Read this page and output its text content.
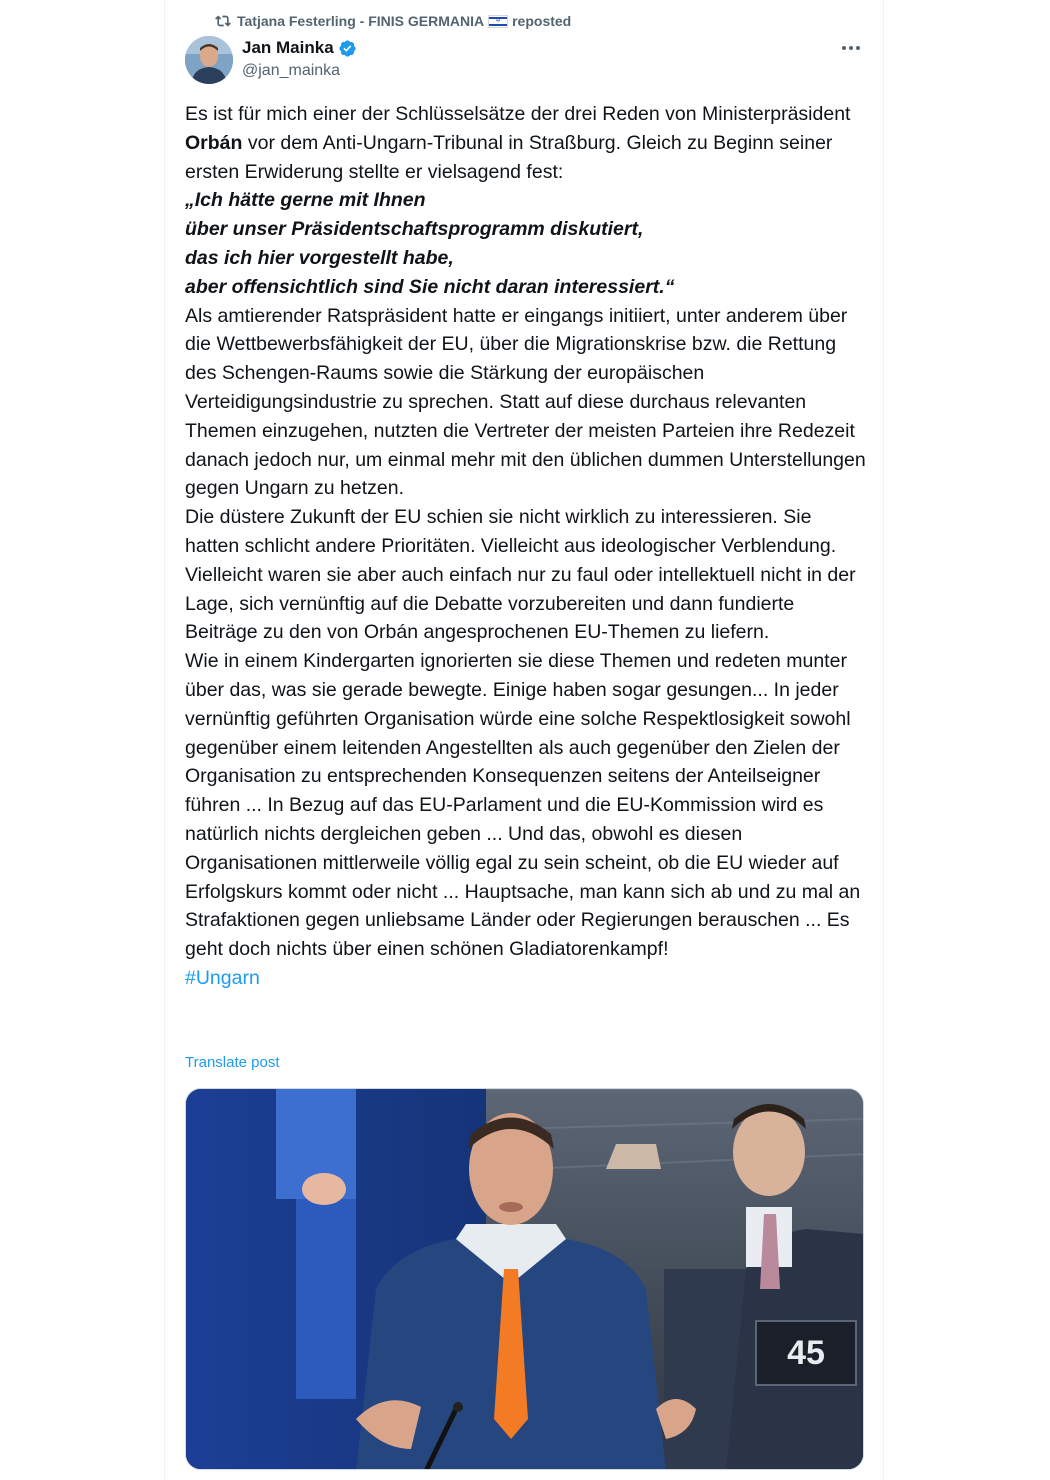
Tatjana Festerling - FINIS GERMANIA ✡ reposted
Jan Mainka
@jan_mainka

Es ist für mich einer der Schlüsselsätze der drei Reden von Ministerpräsident Orbán vor dem Anti-Ungarn-Tribunal in Straßburg. Gleich zu Beginn seiner ersten Erwiderung stellte er vielsagend fest:

„Ich hätte gerne mit Ihnen

über unser Präsidentschaftsprogramm diskutiert,

das ich hier vorgestellt habe,

aber offensichtlich sind Sie nicht daran interessiert.“

Als amtierender Ratspräsident hatte er eingangs initiiert, unter anderem über die Wettbewerbsfähigkeit der EU, über die Migrationskrise bzw. die Rettung des Schengen-Raums sowie die Stärkung der europäischen Verteidigungsindustrie zu sprechen. Statt auf diese durchaus relevanten Themen einzugehen, nutzten die Vertreter der meisten Parteien ihre Redezeit danach jedoch nur, um einmal mehr mit den üblichen dummen Unterstellungen gegen Ungarn zu hetzen.

Die düstere Zukunft der EU schien sie nicht wirklich zu interessieren. Sie hatten schlicht andere Prioritäten. Vielleicht aus ideologischer Verblendung. Vielleicht waren sie aber auch einfach nur zu faul oder intellektuell nicht in der Lage, sich vernünftig auf die Debatte vorzubereiten und dann fundierte Beiträge zu den von Orbán angesprochenen EU-Themen zu liefern.

Wie in einem Kindergarten ignorierten sie diese Themen und redeten munter über das, was sie gerade bewegte. Einige haben sogar gesungen... In jeder vernünftig geführten Organisation würde eine solche Respektlosigkeit sowohl gegenüber einem leitenden Angestellten als auch gegenüber den Zielen der Organisation zu entsprechenden Konsequenzen seitens der Anteilseigner führen ... In Bezug auf das EU-Parlament und die EU-Kommission wird es natürlich nichts dergleichen geben ... Und das, obwohl es diesen Organisationen mittlerweile völlig egal zu sein scheint, ob die EU wieder auf Erfolgskurs kommt oder nicht ... Hauptsache, man kann sich ab und zu mal an Strafaktionen gegen unliebsame Länder oder Regierungen berauschen ... Es geht doch nichts über einen schönen Gladiatorenkampf!

#Ungarn

Translate post
45
